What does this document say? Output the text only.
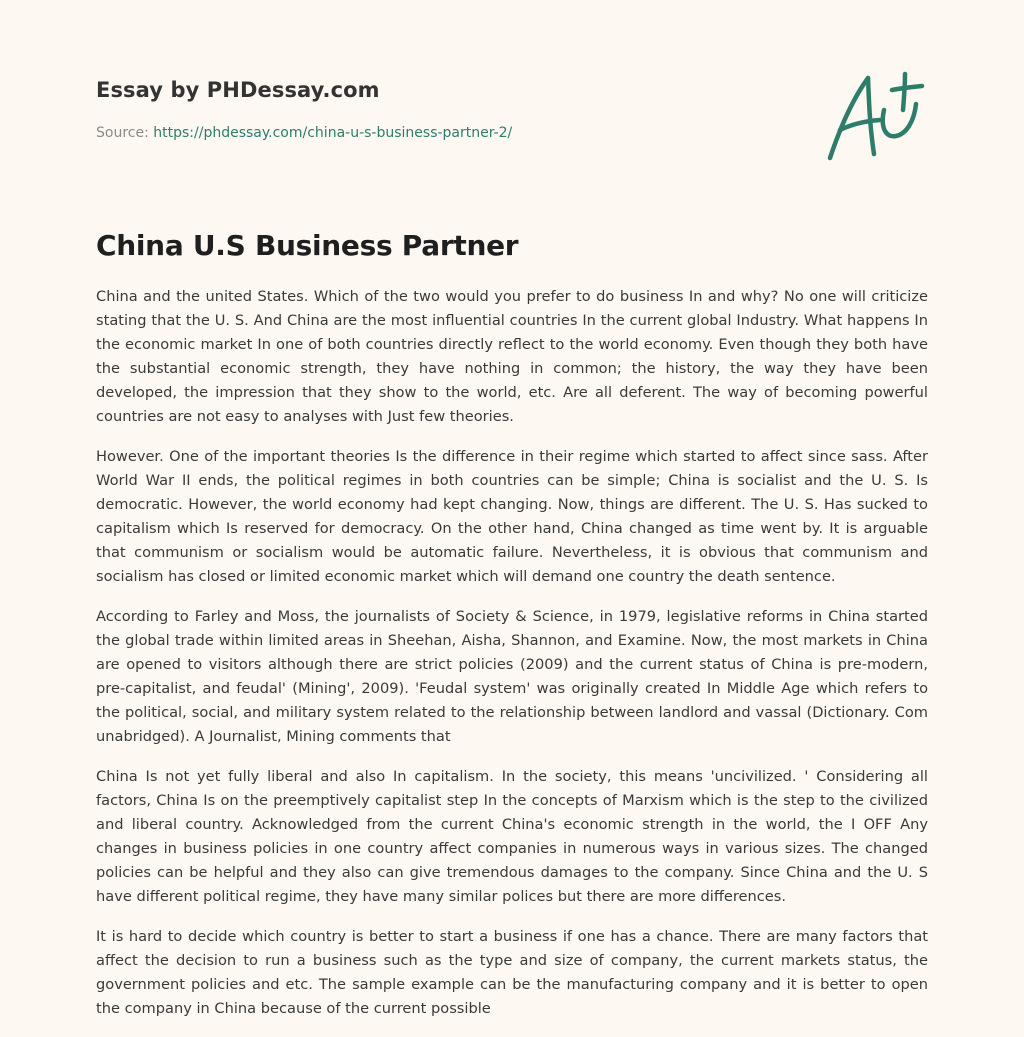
Essay by PHDessay.com
Source: https://phdessay.com/china-u-s-business-partner-2/
China U.S Business Partner

China and the united States. Which of the two would you prefer to do business In and why? No one will criticize stating that the U. S. And China are the most influential countries In the current global Industry. What happens In the economic market In one of both countries directly reflect to the world economy. Even though they both have the substantial economic strength, they have nothing in common; the history, the way they have been developed, the impression that they show to the world, etc. Are all deferent. The way of becoming powerful countries are not easy to analyses with Just few theories.

However. One of the important theories Is the difference in their regime which started to affect since sass. After World War II ends, the political regimes in both countries can be simple; China is socialist and the U. S. Is democratic. However, the world economy had kept changing. Now, things are different. The U. S. Has sucked to capitalism which Is reserved for democracy. On the other hand, China changed as time went by. It is arguable that communism or socialism would be automatic failure. Nevertheless, it is obvious that communism and socialism has closed or limited economic market which will demand one country the death sentence.

According to Farley and Moss, the journalists of Society & Science, in 1979, legislative reforms in China started the global trade within limited areas in Sheehan, Aisha, Shannon, and Examine. Now, the most markets in China are opened to visitors although there are strict policies (2009) and the current status of China is pre-modern, pre-capitalist, and feudal' (Mining', 2009). 'Feudal system' was originally created In Middle Age which refers to the political, social, and military system related to the relationship between landlord and vassal (Dictionary. Com unabridged). A Journalist, Mining comments that

China Is not yet fully liberal and also In capitalism. In the society, this means 'uncivilized. ' Considering all factors, China Is on the preemptively capitalist step In the concepts of Marxism which is the step to the civilized and liberal country. Acknowledged from the current China's economic strength in the world, the I OFF Any changes in business policies in one country affect companies in numerous ways in various sizes. The changed policies can be helpful and they also can give tremendous damages to the company. Since China and the U. S have different political regime, they have many similar polices but there are more differences.

It is hard to decide which country is better to start a business if one has a chance. There are many factors that affect the decision to run a business such as the type and size of company, the current markets status, the government policies and etc. The sample example can be the manufacturing company and it is better to open the company in China because of the current possible
